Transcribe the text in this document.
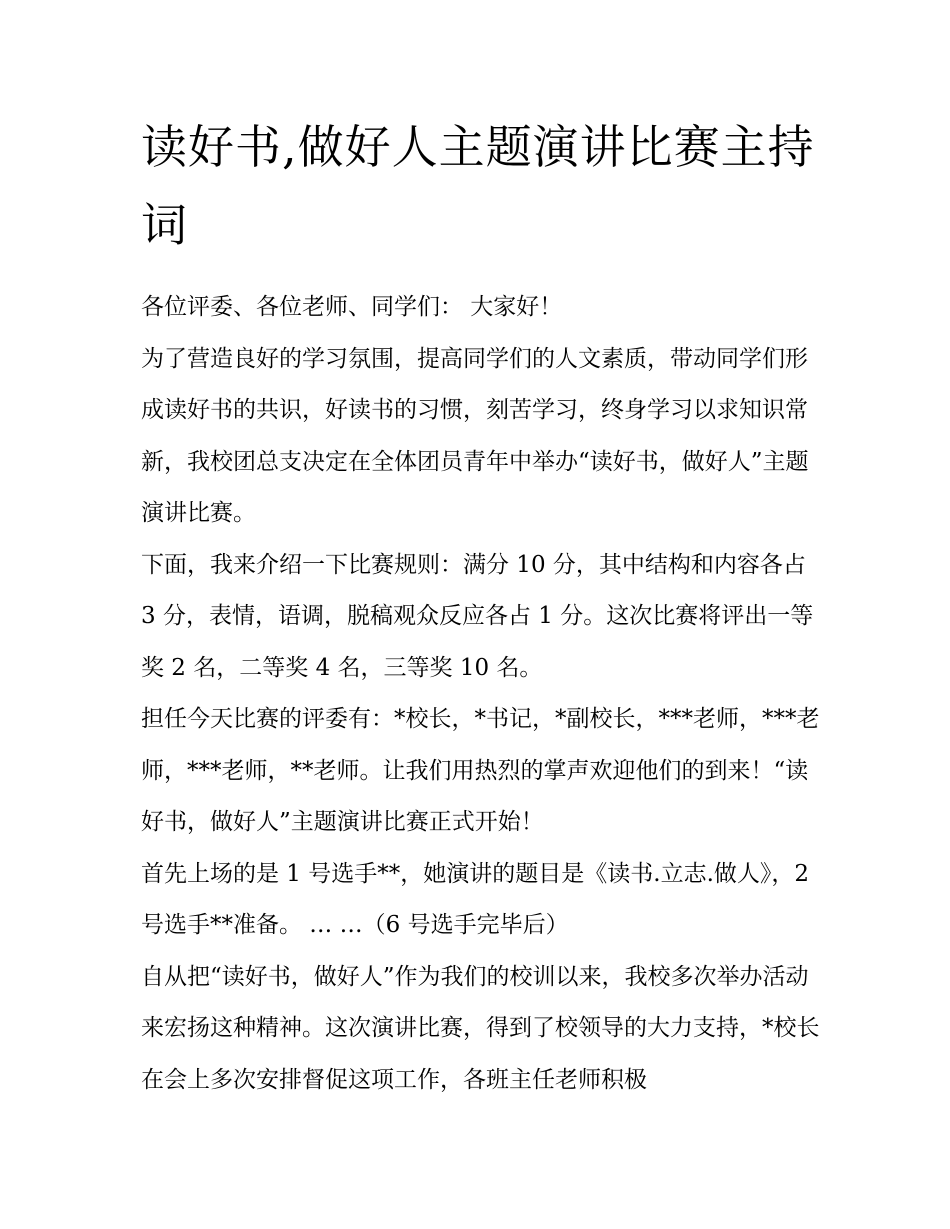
读好书,做好人主题演讲比赛主持词

各位评委、各位老师、同学们： 大家好！

为了营造良好的学习氛围，提高同学们的人文素质，带动同学们形成读好书的共识，好读书的习惯，刻苦学习，终身学习以求知识常新，我校团总支决定在全体团员青年中举办“读好书，做好人”主题演讲比赛。

下面，我来介绍一下比赛规则：满分 10 分，其中结构和内容各占 3 分，表情，语调，脱稿观众反应各占 1 分。这次比赛将评出一等奖 2 名，二等奖 4 名，三等奖 10 名。

担任今天比赛的评委有：*校长，*书记，*副校长，***老师，***老师，***老师，**老师。让我们用热烈的掌声欢迎他们的到来！“读好书，做好人”主题演讲比赛正式开始！

首先上场的是 1 号选手**，她演讲的题目是《读书.立志.做人》，2 号选手**准备。 … …（6 号选手完毕后）

自从把“读好书，做好人”作为我们的校训以来，我校多次举办活动来宏扬这种精神。这次演讲比赛，得到了校领导的大力支持，*校长在会上多次安排督促这项工作，各班主任老师积极
